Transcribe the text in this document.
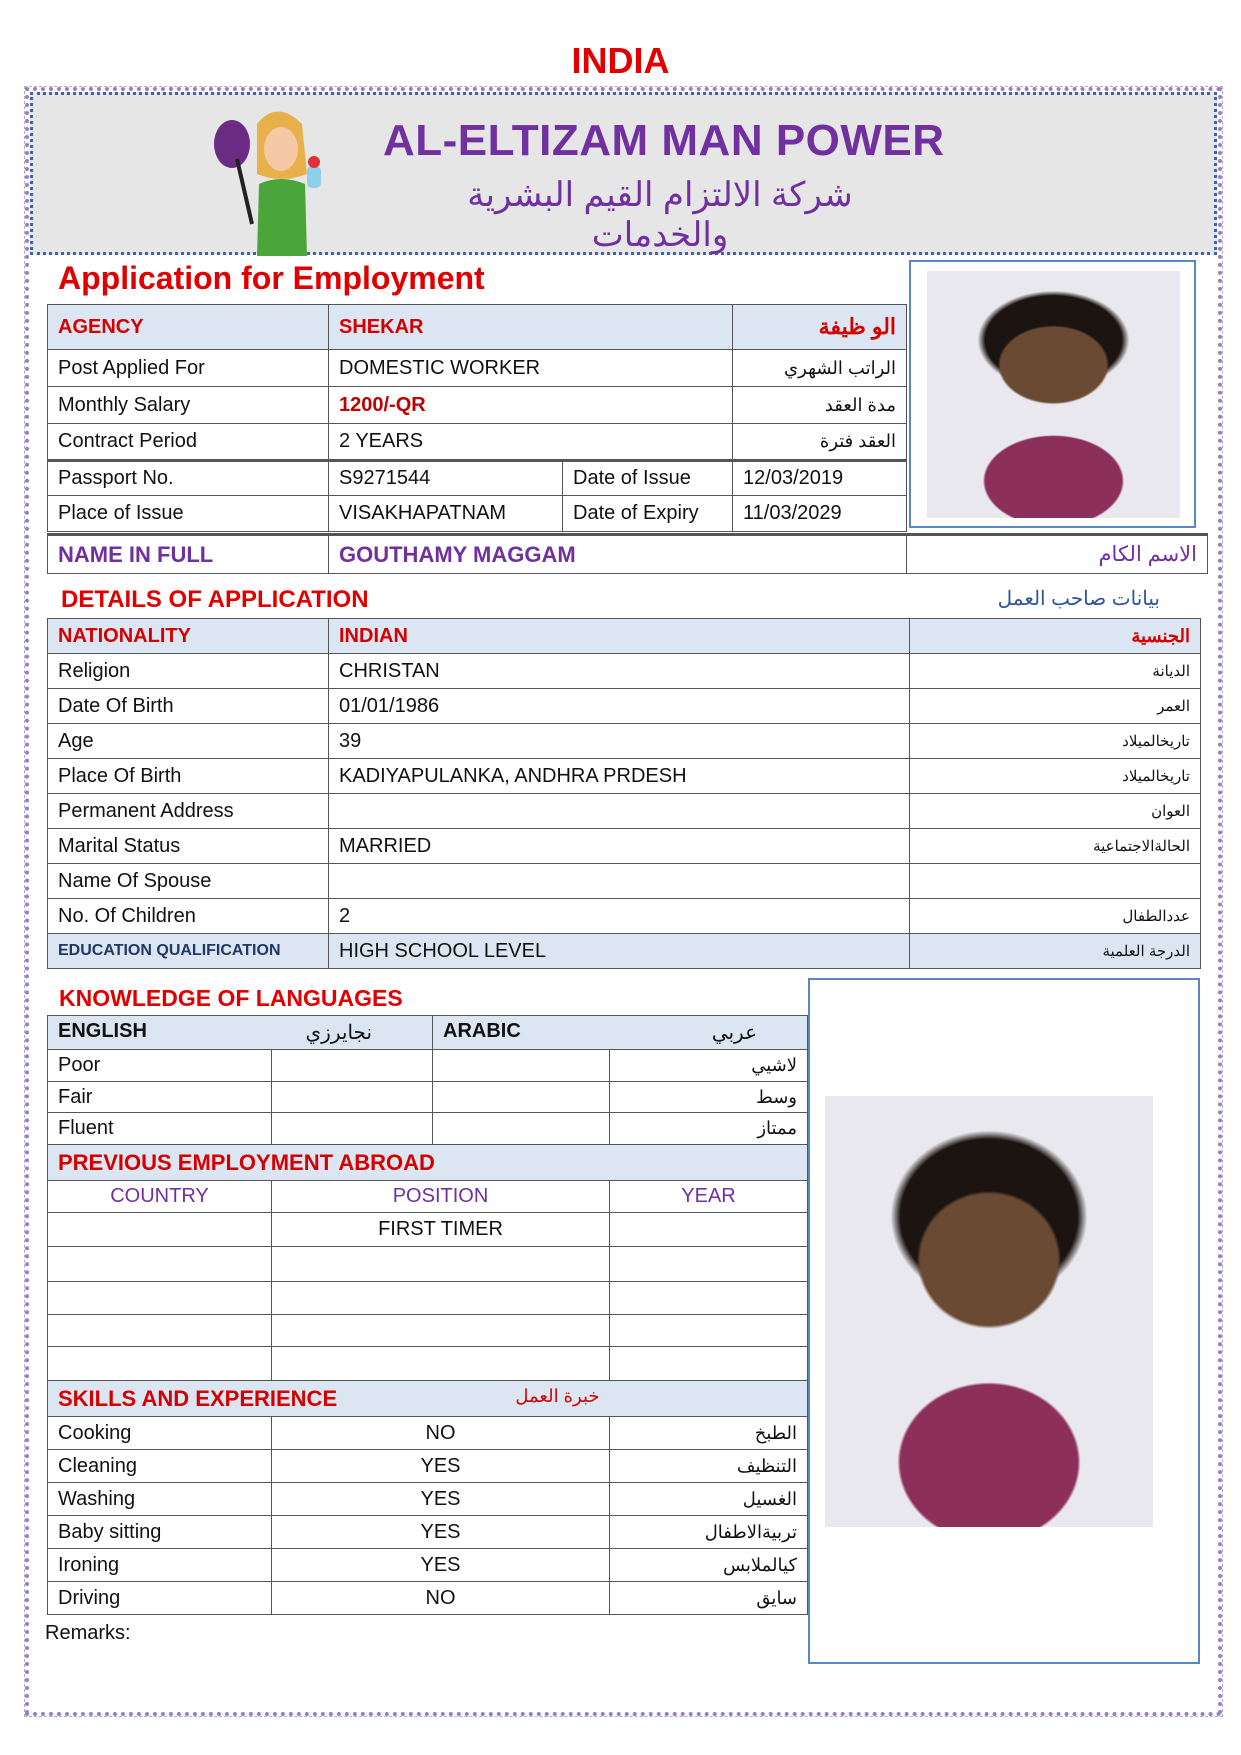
INDIA
AL-ELTIZAM MAN POWER
شركة الالتزام القيم البشرية والخدمات
Application for Employment
AGENCY	SHEKAR		الو ظيفة
Post Applied For	DOMESTIC WORKER		الراتب الشهري
Monthly Salary	1200/-QR		مدة العقد
Contract Period	2 YEARS		العقد فترة
Passport No.	S9271544	Date of Issue	12/03/2019
Place of Issue	VISAKHAPATNAM	Date of Expiry	11/03/2029
NAME IN FULL	GOUTHAMY MAGGAM	الاسم الكام
DETAILS OF APPLICATION	بيانات صاحب العمل
NATIONALITY	INDIAN	الجنسية
Religion	CHRISTAN	الديانة
Date Of Birth	01/01/1986	العمر
Age	39	تاريخالميلاد
Place Of Birth	KADIYAPULANKA, ANDHRA PRDESH	تاريخالميلاد
Permanent Address		العوان
Marital Status	MARRIED	الحالةالاجتماعية
Name Of Spouse		
No. Of Children	2	عددالطفال
EDUCATION QUALIFICATION	HIGH SCHOOL LEVEL	الدرجة العلمية
KNOWLEDGE OF LANGUAGES
ENGLISH نجايرزي		ARABIC عربي	

Poor			لاشيي
Fair			وسط
Fluent			ممتاز
PREVIOUS EMPLOYMENT ABROAD			
COUNTRY	POSITION		YEAR
	FIRST TIMER		

SKILLS AND EXPERIENCE خبرة العمل			

Cooking	NO		الطبخ
Cleaning	YES		التنظيف
Washing	YES		الغسيل
Baby sitting	YES		تربيةالاطفال
Ironing	YES		كيالملابس
Driving	NO		سايق
Remarks:
